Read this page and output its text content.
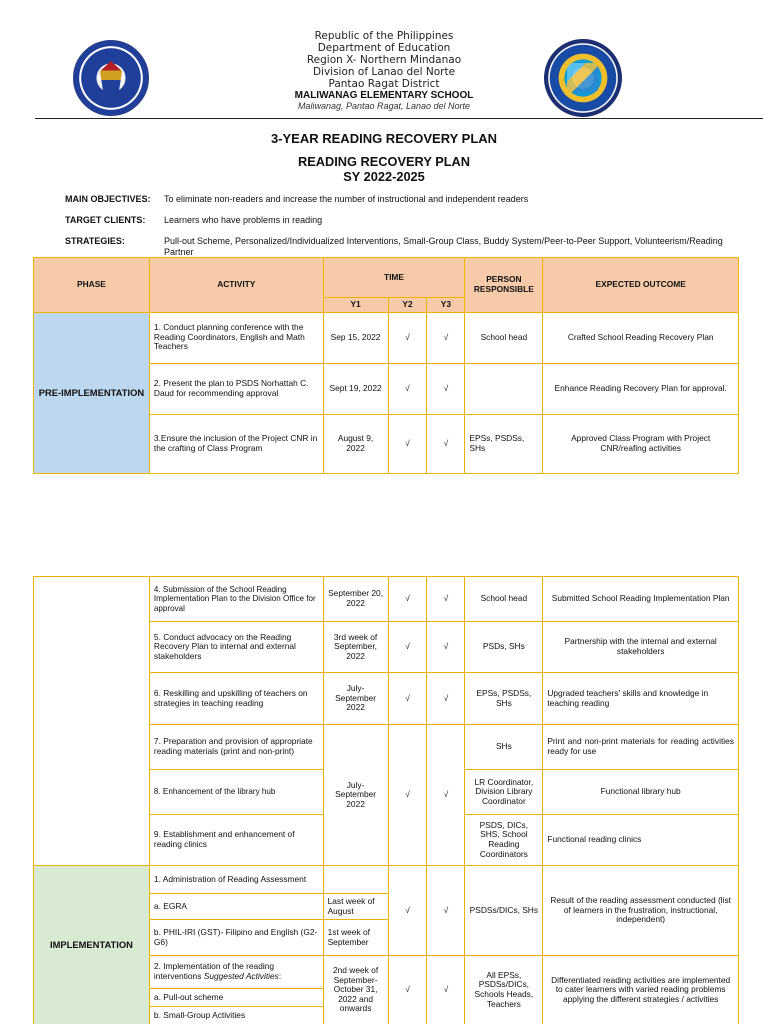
Republic of the Philippines
Department of Education
Region X- Northern Mindanao
Division of Lanao del Norte
Pantao Ragat District
MALIWANAG ELEMENTARY SCHOOL
Maliwanag, Pantao Ragat, Lanao del Norte
3-YEAR READING RECOVERY PLAN
READING RECOVERY PLAN
SY 2022-2025
MAIN OBJECTIVES:	To eliminate non-readers and increase the number of instructional and independent readers
TARGET CLIENTS:	Learners who have problems in reading
STRATEGIES:	Pull-out Scheme, Personalized/Individualized Interventions, Small-Group Class, Buddy System/Peer-to-Peer Support, Volunteerism/Reading Partner
PHASE	ACTIVITY	TIME			PERSON RESPONSIBLE	EXPECTED OUTCOME
		Y1	Y2	Y3		
PRE-IMPLEMENTATION	1. Conduct planning conference with the Reading Coordinators, English and Math Teachers	Sep 15, 2022	√	√	School head	Crafted School Reading Recovery Plan
	2. Present the plan to PSDS Norhattah C. Daud for recommending approval	Sept 19, 2022	√	√		Enhance Reading Recovery Plan for approval.
	3.Ensure the inclusion of the Project CNR in the crafting of Class Program	August 9, 2022	√	√	EPSs, PSDSs, SHs	Approved Class Program with Project CNR/reafing activities
	4. Submission of the School Reading Implementation Plan to the Division Office for approval	September 20, 2022	√	√	School head	Submitted School Reading Implementation Plan
	5. Conduct advocacy on the Reading Recovery Plan to internal and external stakeholders	3rd week of September, 2022	√	√	PSDs, SHs	Partnership with the internal and external stakeholders
	6. Reskilling and upskilling of teachers on strategies in teaching reading	July-September 2022	√	√	EPSs, PSDSs, SHs	Upgraded teachers' skills and knowledge in teaching reading
	7. Preparation and provision of appropriate reading materials (print and non-print)	July-September 2022	√	√	SHs	Print and non-print materials for reading activities ready for use
	8. Enhancement of the library hub				LR Coordinator, Division Library Coordinator	Functional library hub
	9. Establishment and enhancement of reading clinics				PSDS, DICs, SHS, School Reading Coordinators	Functional reading clinics
IMPLEMENTATION	1. Administration of Reading Assessment		√	√	PSDSs/DICs, SHs	Result of the reading assessment conducted (list of learners in the frustration, instructional, independent)
	a. EGRA	Last week of August				
	b. PHIL-IRI (GST)- Filipino and English (G2-G6)	1st week of September				
	2. Implementation of the reading interventions Suggested Activities:	2nd week of September-October 31, 2022 and onwards	√	√	All EPSs, PSDSs/DICs, Schools Heads, Teachers	Differentiated reading activities are implemented to cater learners with varied reading problems applying the different strategies / activities
	a. Pull-out scheme					
	b. Small-Group Activities					
